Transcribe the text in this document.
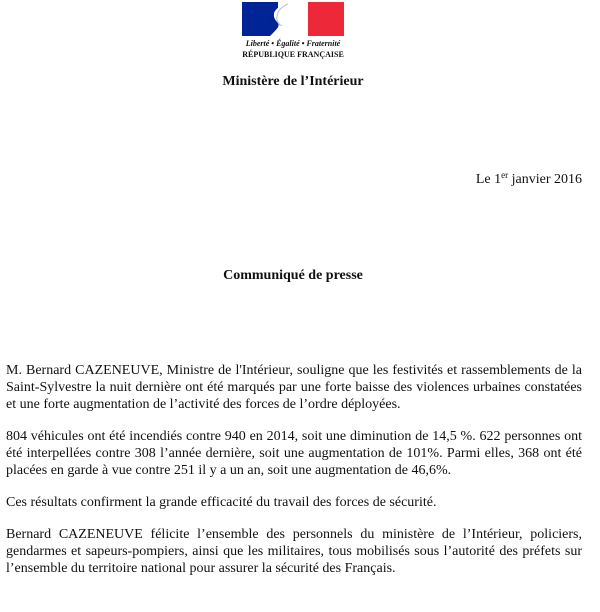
Liberté • Égalité • Fraternité
RÉPUBLIQUE FRANÇAISE
Ministère de l’Intérieur
Le 1er janvier 2016
Communiqué de presse

M. Bernard CAZENEUVE, Ministre de l'Intérieur, souligne que les festivités et rassemblements de la Saint-Sylvestre la nuit dernière ont été marqués par une forte baisse des violences urbaines constatées et une forte augmentation de l’activité des forces de l’ordre déployées.

804 véhicules ont été incendiés contre 940 en 2014, soit une diminution de 14,5 %. 622 personnes ont été interpellées contre 308 l’année dernière, soit une augmentation de 101%. Parmi elles, 368 ont été placées en garde à vue contre 251 il y a un an, soit une augmentation de 46,6%.

Ces résultats confirment la grande efficacité du travail des forces de sécurité.

Bernard CAZENEUVE félicite l’ensemble des personnels du ministère de l’Intérieur, policiers, gendarmes et sapeurs-pompiers, ainsi que les militaires, tous mobilisés sous l’autorité des préfets sur l’ensemble du territoire national pour assurer la sécurité des Français.
